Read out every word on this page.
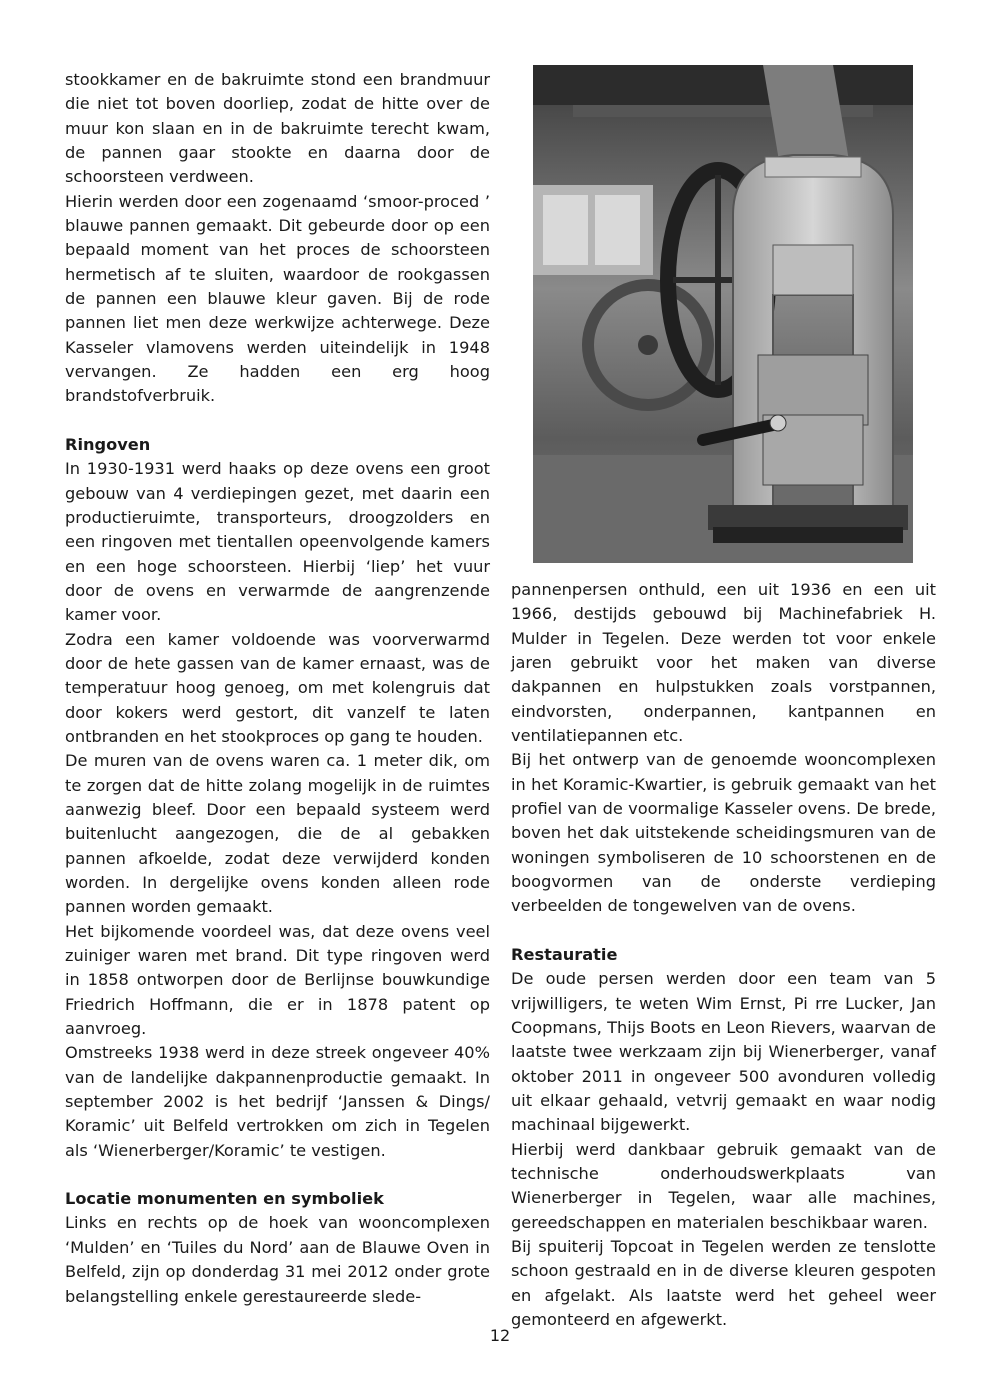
stookkamer en de bakruimte stond een brandmuur die niet tot boven doorliep, zodat de hitte over de muur kon slaan en in de bakruimte terecht kwam, de pannen gaar stookte en daarna door de schoorsteen verdween.

Hierin werden door een zogenaamd ‘smoor-proced ’ blauwe pannen gemaakt. Dit gebeurde door op een bepaald moment van het proces de schoorsteen hermetisch af te sluiten, waardoor de rookgassen de pannen een blauwe kleur gaven. Bij de rode pannen liet men deze werkwijze achterwege. Deze Kasseler vlamovens werden uiteindelijk in 1948 vervangen. Ze hadden een erg hoog brandstofverbruik.

Ringoven

In 1930-1931 werd haaks op deze ovens een groot gebouw van 4 verdiepingen gezet, met daarin een productieruimte, transporteurs, droogzolders en een ringoven met tientallen opeenvolgende kamers en een hoge schoorsteen. Hierbij ‘liep’ het vuur door de ovens en verwarmde de aangrenzende kamer voor.

Zodra een kamer voldoende was voorverwarmd door de hete gassen van de kamer ernaast, was de temperatuur hoog genoeg, om met kolengruis dat door kokers werd gestort, dit vanzelf te laten ontbranden en het stookproces op gang te houden.

De muren van de ovens waren ca. 1 meter dik, om te zorgen dat de hitte zolang mogelijk in de ruimtes aanwezig bleef. Door een bepaald systeem werd buitenlucht aangezogen, die de al gebakken pannen afkoelde, zodat deze verwijderd konden worden. In dergelijke ovens konden alleen rode pannen worden gemaakt.

Het bijkomende voordeel was, dat deze ovens veel zuiniger waren met brand. Dit type ringoven werd in 1858 ontworpen door de Berlijnse bouwkundige Friedrich Hoffmann, die er in 1878 patent op aanvroeg.

Omstreeks 1938 werd in deze streek ongeveer 40% van de landelijke dakpannenproductie gemaakt. In september 2002 is het bedrijf ‘Janssen & Dings/ Koramic’ uit Belfeld vertrokken om zich in Tegelen als ‘Wienerberger/Koramic’ te vestigen.

Locatie monumenten en symboliek

Links en rechts op de hoek van wooncomplexen ‘Mulden’ en ‘Tuiles du Nord’ aan de Blauwe Oven in Belfeld, zijn op donderdag 31 mei 2012 onder grote belangstelling enkele gerestaureerde slede-

pannenpersen onthuld, een uit 1936 en een uit 1966, destijds gebouwd bij Machinefabriek H. Mulder in Tegelen. Deze werden tot voor enkele jaren gebruikt voor het maken van diverse dakpannen en hulpstukken zoals vorstpannen, eindvorsten, onderpannen, kantpannen en ventilatiepannen etc.

Bij het ontwerp van de genoemde wooncomplexen in het Koramic-Kwartier, is gebruik gemaakt van het profiel van de voormalige Kasseler ovens. De brede, boven het dak uitstekende scheidingsmuren van de woningen symboliseren de 10 schoorstenen en de boogvormen van de onderste verdieping verbeelden de tongewelven van de ovens.

Restauratie

De oude persen werden door een team van 5 vrijwilligers, te weten Wim Ernst, Pi rre Lucker, Jan Coopmans, Thijs Boots en Leon Rievers, waarvan de laatste twee werkzaam zijn bij Wienerberger, vanaf oktober 2011 in ongeveer 500 avonduren volledig uit elkaar gehaald, vetvrij gemaakt en waar nodig machinaal bijgewerkt.

Hierbij werd dankbaar gebruik gemaakt van de technische onderhoudswerkplaats van Wienerberger in Tegelen, waar alle machines, gereedschappen en materialen beschikbaar waren.

Bij spuiterij Topcoat in Tegelen werden ze tenslotte schoon gestraald en in de diverse kleuren gespoten en afgelakt. Als laatste werd het geheel weer gemonteerd en afgewerkt.

12
